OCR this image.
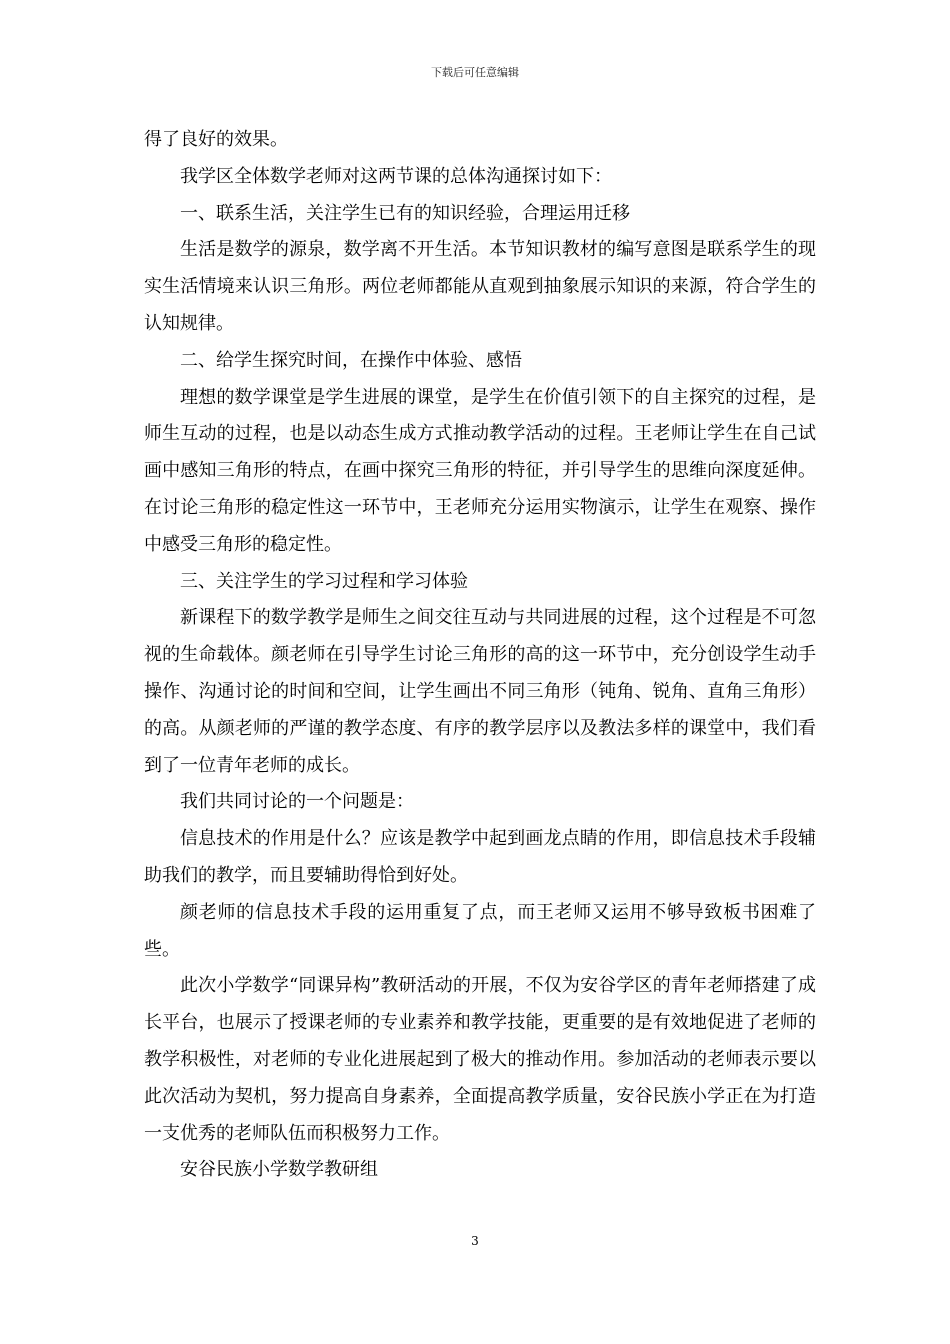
下载后可任意编辑

得了良好的效果。

我学区全体数学老师对这两节课的总体沟通探讨如下：

一、联系生活，关注学生已有的知识经验，合理运用迁移

生活是数学的源泉，数学离不开生活。本节知识教材的编写意图是联系学生的现实生活情境来认识三角形。两位老师都能从直观到抽象展示知识的来源，符合学生的认知规律。

二、给学生探究时间，在操作中体验、感悟

理想的数学课堂是学生进展的课堂，是学生在价值引领下的自主探究的过程，是师生互动的过程，也是以动态生成方式推动教学活动的过程。王老师让学生在自己试画中感知三角形的特点，在画中探究三角形的特征，并引导学生的思维向深度延伸。在讨论三角形的稳定性这一环节中，王老师充分运用实物演示，让学生在观察、操作中感受三角形的稳定性。

三、关注学生的学习过程和学习体验

新课程下的数学教学是师生之间交往互动与共同进展的过程，这个过程是不可忽视的生命载体。颜老师在引导学生讨论三角形的高的这一环节中，充分创设学生动手操作、沟通讨论的时间和空间，让学生画出不同三角形（钝角、锐角、直角三角形）的高。从颜老师的严谨的教学态度、有序的教学层序以及教法多样的课堂中，我们看到了一位青年老师的成长。

我们共同讨论的一个问题是：

信息技术的作用是什么？应该是教学中起到画龙点睛的作用，即信息技术手段辅助我们的教学，而且要辅助得恰到好处。

颜老师的信息技术手段的运用重复了点，而王老师又运用不够导致板书困难了些。

此次小学数学“同课异构”教研活动的开展，不仅为安谷学区的青年老师搭建了成长平台，也展示了授课老师的专业素养和教学技能，更重要的是有效地促进了老师的教学积极性，对老师的专业化进展起到了极大的推动作用。参加活动的老师表示要以此次活动为契机，努力提高自身素养，全面提高教学质量，安谷民族小学正在为打造一支优秀的老师队伍而积极努力工作。

安谷民族小学数学教研组

3
